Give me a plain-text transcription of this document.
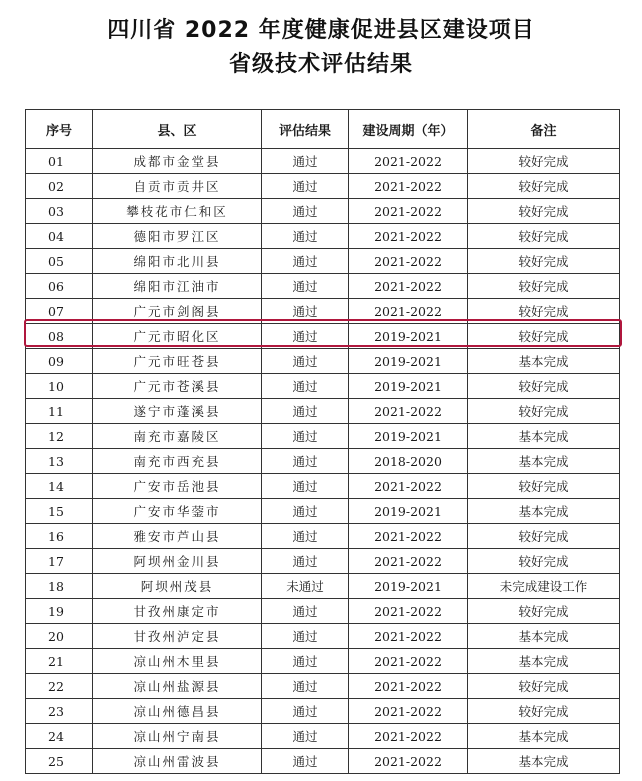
四川省 2022 年度健康促进县区建设项目
省级技术评估结果
序号	县、区	评估结果	建设周期（年）	备注
01	成都市金堂县	通过	2021-2022	较好完成
02	自贡市贡井区	通过	2021-2022	较好完成
03	攀枝花市仁和区	通过	2021-2022	较好完成
04	德阳市罗江区	通过	2021-2022	较好完成
05	绵阳市北川县	通过	2021-2022	较好完成
06	绵阳市江油市	通过	2021-2022	较好完成
07	广元市剑阁县	通过	2021-2022	较好完成
08	广元市昭化区	通过	2019-2021	较好完成
09	广元市旺苍县	通过	2019-2021	基本完成
10	广元市苍溪县	通过	2019-2021	较好完成
11	遂宁市蓬溪县	通过	2021-2022	较好完成
12	南充市嘉陵区	通过	2019-2021	基本完成
13	南充市西充县	通过	2018-2020	基本完成
14	广安市岳池县	通过	2021-2022	较好完成
15	广安市华蓥市	通过	2019-2021	基本完成
16	雅安市芦山县	通过	2021-2022	较好完成
17	阿坝州金川县	通过	2021-2022	较好完成
18	阿坝州茂县	未通过	2019-2021	未完成建设工作
19	甘孜州康定市	通过	2021-2022	较好完成
20	甘孜州泸定县	通过	2021-2022	基本完成
21	凉山州木里县	通过	2021-2022	基本完成
22	凉山州盐源县	通过	2021-2022	较好完成
23	凉山州德昌县	通过	2021-2022	较好完成
24	凉山州宁南县	通过	2021-2022	基本完成
25	凉山州雷波县	通过	2021-2022	基本完成
